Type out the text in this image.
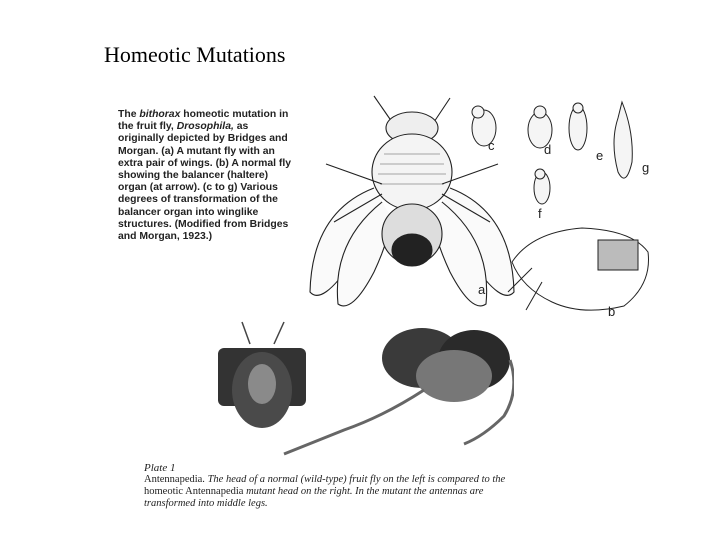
Homeotic Mutations
a
b
c	d	e
f
g
The bithorax homeotic mutation in the fruit fly, Drosophila, as originally depicted by Bridges and Morgan. (a) A mutant fly with an extra pair of wings. (b) A normal fly showing the balancer (haltere) organ (at arrow). (c to g) Various degrees of transformation of the balancer organ into winglike structures. (Modified from Bridges and Morgan, 1923.)
Plate 1
Antennapedia. The head of a normal (wild-type) fruit fly on the left is compared to the homeotic Antennapedia mutant head on the right. In the mutant the antennas are transformed into middle legs.
